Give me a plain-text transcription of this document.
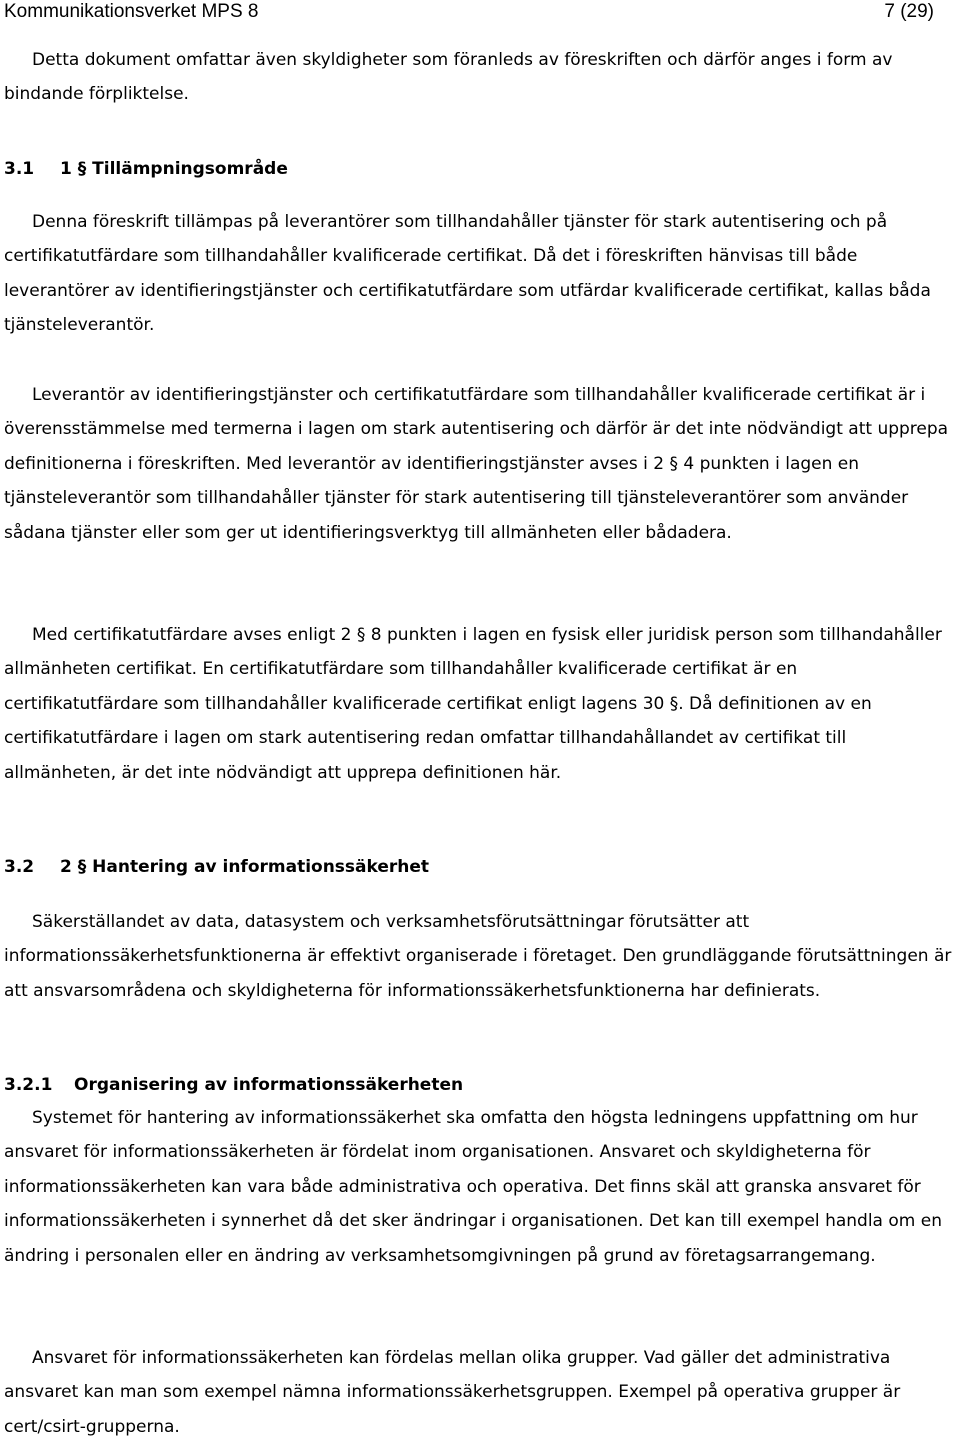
Kommunikationsverket MPS 8	7 (29)

Detta dokument omfattar även skyldigheter som föranleds av föreskriften och därför anges i form av bindande förpliktelse.

3.1 1 § Tillämpningsområde

Denna föreskrift tillämpas på leverantörer som tillhandahåller tjänster för stark autentisering och på certifikatutfärdare som tillhandahåller kvalificerade certifikat. Då det i föreskriften hänvisas till både leverantörer av identifieringstjänster och certifikatutfärdare som utfärdar kvalificerade certifikat, kallas båda tjänsteleverantör.

Leverantör av identifieringstjänster och certifikatutfärdare som tillhandahåller kvalificerade certifikat är i överensstämmelse med termerna i lagen om stark autentisering och därför är det inte nödvändigt att upprepa definitionerna i föreskriften. Med leverantör av identifieringstjänster avses i 2 § 4 punkten i lagen en tjänsteleverantör som tillhandahåller tjänster för stark autentisering till tjänsteleverantörer som använder sådana tjänster eller som ger ut identifieringsverktyg till allmänheten eller bådadera.

Med certifikatutfärdare avses enligt 2 § 8 punkten i lagen en fysisk eller juridisk person som tillhandahåller allmänheten certifikat. En certifikatutfärdare som tillhandahåller kvalificerade certifikat är en certifikatutfärdare som tillhandahåller kvalificerade certifikat enligt lagens 30 §. Då definitionen av en certifikatutfärdare i lagen om stark autentisering redan omfattar tillhandahållandet av certifikat till allmänheten, är det inte nödvändigt att upprepa definitionen här.

3.2 2 § Hantering av informationssäkerhet

Säkerställandet av data, datasystem och verksamhetsförutsättningar förutsätter att informationssäkerhetsfunktionerna är effektivt organiserade i företaget. Den grundläggande förutsättningen är att ansvarsområdena och skyldigheterna för informationssäkerhetsfunktionerna har definierats.

3.2.1 Organisering av informationssäkerheten

Systemet för hantering av informationssäkerhet ska omfatta den högsta ledningens uppfattning om hur ansvaret för informationssäkerheten är fördelat inom organisationen. Ansvaret och skyldigheterna för informationssäkerheten kan vara både administrativa och operativa. Det finns skäl att granska ansvaret för informationssäkerheten i synnerhet då det sker ändringar i organisationen. Det kan till exempel handla om en ändring i personalen eller en ändring av verksamhetsomgivningen på grund av företagsarrangemang.

Ansvaret för informationssäkerheten kan fördelas mellan olika grupper. Vad gäller det administrativa ansvaret kan man som exempel nämna informationssäkerhetsgruppen. Exempel på operativa grupper är cert/csirt-grupperna.
